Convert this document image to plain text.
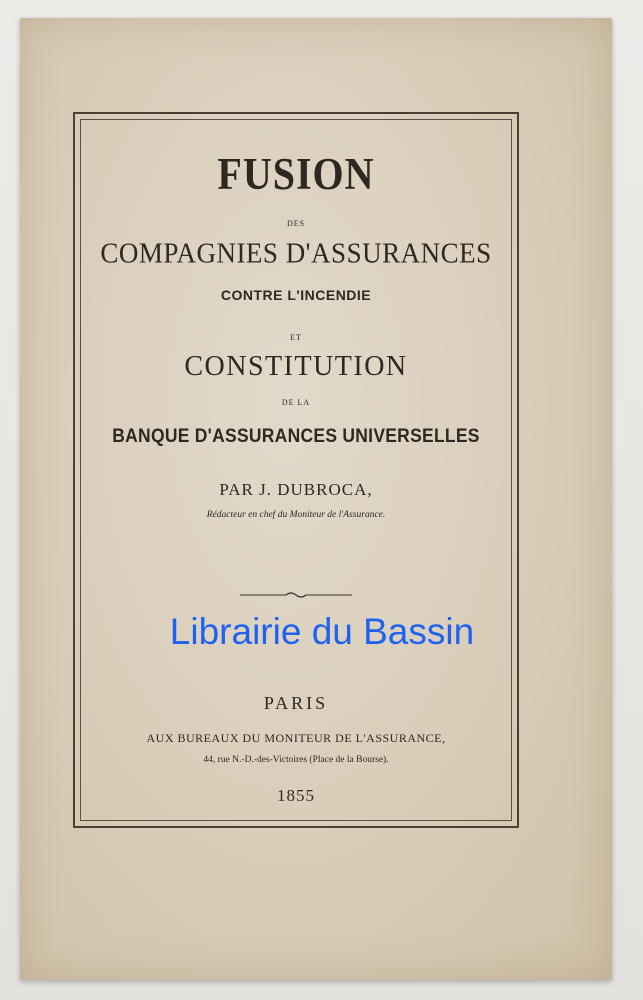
FUSION
DES
COMPAGNIES D'ASSURANCES
CONTRE L'INCENDIE
ET
CONSTITUTION
DE LA
BANQUE D'ASSURANCES UNIVERSELLES
PAR J. DUBROCA,
Rédacteur en chef du Moniteur de l'Assurance.
Librairie du Bassin
PARIS
AUX BUREAUX DU MONITEUR DE L'ASSURANCE,
44, rue N.-D.-des-Victoires (Place de la Bourse).
1855
